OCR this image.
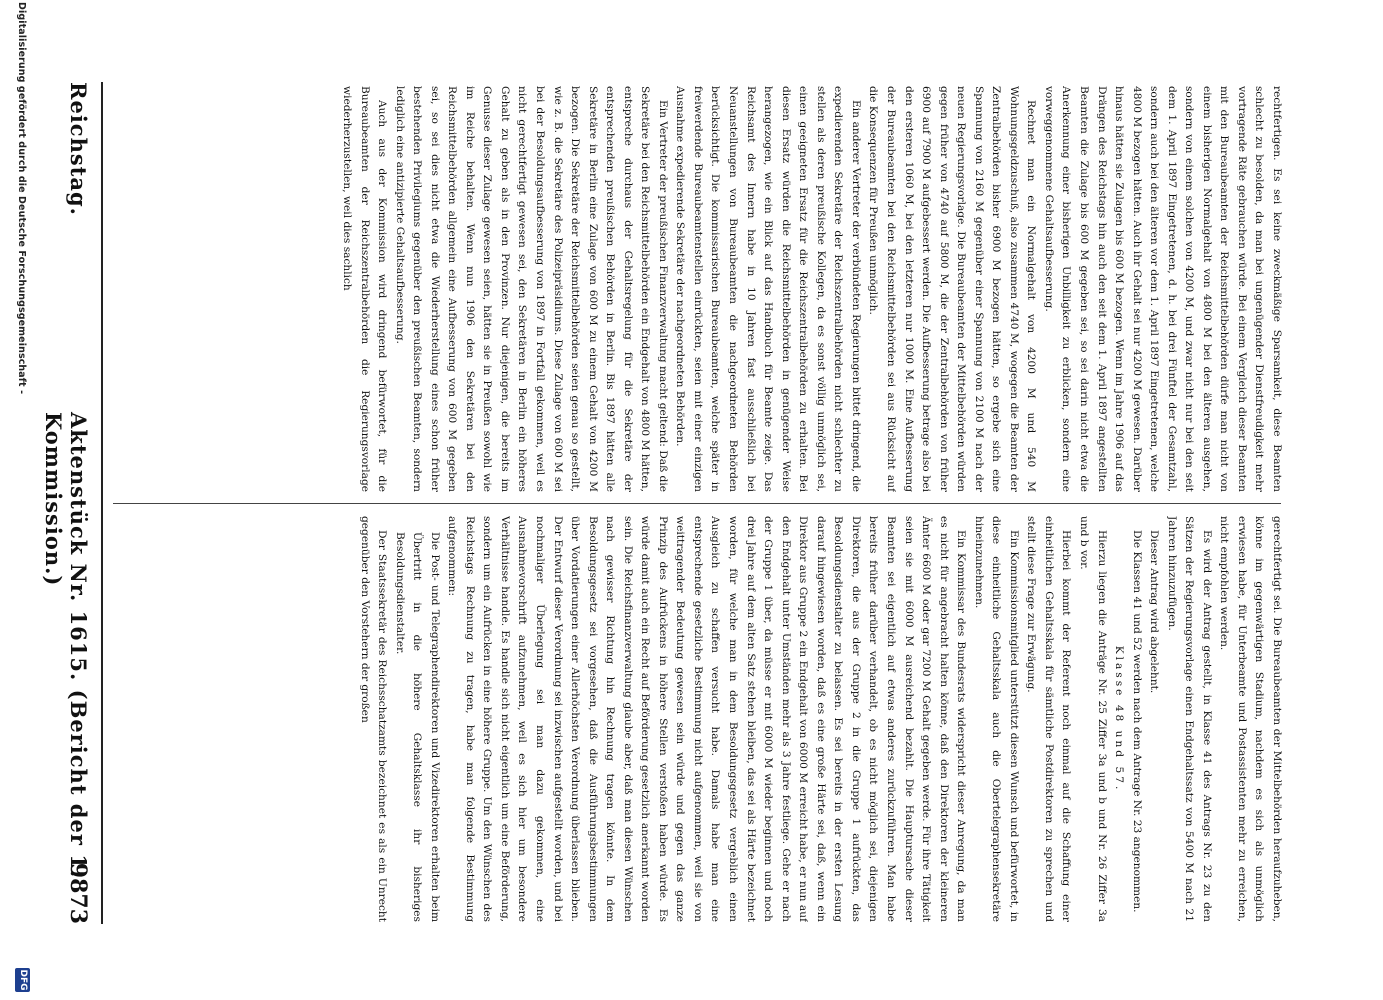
Reichstag.
Aktenstück Nr. 1615. (Bericht der 1. Kommission.)
9873

rechtfertigen. Es sei keine zweckmäßige Sparsamkeit, diese Beamten schlecht zu besolden, da man bei ungenügender Dienstfreudigkeit mehr vortragende Räte gebrauchen würde. Bei einem Vergleich dieser Beamten mit den Bureaubeamten der Reichsmittelbehörden dürfe man nicht von einem bisherigen Normalgehalt von 4800 M bei den älteren ausgehen, sondern von einem solchen von 4200 M, und zwar nicht nur bei den seit dem 1. April 1897 Eingetretenen, d. h. bei drei Fünftel der Gesamtzahl, sondern auch bei den älteren vor dem 1. April 1897 Eingetretenen, welche 4800 M bezogen hätten. Auch ihr Gehalt sei nur 4200 M gewesen. Darüber hinaus hätten sie Zulagen bis 600 M bezogen. Wenn im Jahre 1906 auf das Drängen des Reichstags hin auch den seit dem 1. April 1897 angestellten Beamten die Zulage bis 600 M gegeben sei, so sei darin nicht etwa die Anerkennung einer bisherigen Unbilligkeit zu erblicken, sondern eine vorweggenommene Gehaltsaufbesserung.

Rechnet man ein Normalgehalt von 4200 M und 540 M Wohnungsgeldzuschuß, also zusammen 4740 M, wogegen die Beamten der Zentralbehörden bisher 6900 M bezogen hätten, so ergebe sich eine Spannung von 2160 M gegenüber einer Spannung von 2100 M nach der neuen Regierungsvorlage. Die Bureaubeamten der Mittelbehörden würden gegen früher von 4740 auf 5800 M, die der Zentralbehörden von früher 6900 auf 7900 M aufgebessert werden. Die Aufbesserung betrage also bei den ersteren 1060 M, bei den letzteren nur 1000 M. Eine Aufbesserung der Bureaubeamten bei den Reichsmittelbehörden sei aus Rücksicht auf die Konsequenzen für Preußen unmöglich.

Ein anderer Vertreter der verbündeten Regierungen bittet dringend, die expedierenden Sekretäre der Reichszentralbehörden nicht schlechter zu stellen als deren preußische Kollegen, da es sonst völlig unmöglich sei, einen geeigneten Ersatz für die Reichszentralbehörden zu erhalten. Bei diesen Ersatz würden die Reichsmittelbehörden in genügender Weise herangezogen, wie ein Blick auf das Handbuch für Beamte zeige. Das Reichsamt des Innern habe in 10 Jahren fast ausschließlich bei Neuanstellungen von Bureaubeamten die nachgeordneten Behörden berücksichtigt. Die kommissarischen Bureaubeamten, welche später in freiwerdende Bureaubeamtenstellen einrückten, seien mit einer einzigen Ausnahme expedierende Sekretäre der nachgeordneten Behörden.

Ein Vertreter der preußischen Finanzverwaltung macht geltend: Daß die Sekretäre bei den Reichsmittelbehörden ein Endgehalt von 4800 M hätten, entspreche durchaus der Gehaltsregelung für die Sekretäre der entsprechenden preußischen Behörden in Berlin. Bis 1897 hätten alle Sekretäre in Berlin eine Zulage von 600 M zu einem Gehalt von 4200 M bezogen. Die Sekretäre der Reichsmittelbehörden seien genau so gestellt, wie z. B. die Sekretäre des Polizeipräsidiums. Diese Zulage von 600 M sei bei der Besoldungsaufbesserung von 1897 in Fortfall gekommen, weil es nicht gerechtfertigt gewesen sei, den Sekretären in Berlin ein höheres Gehalt zu geben als in den Provinzen. Nur diejenigen, die bereits im Genusse dieser Zulage gewesen seien, hätten sie in Preußen sowohl wie im Reiche behalten. Wenn nun 1906 den Sekretären bei den Reichsmittelbehörden allgemein eine Aufbesserung von 600 M gegeben sei, so sei dies nicht etwa die Wiederherstellung eines schon früher bestehenden Privilegiums gegenüber den preußischen Beamten, sondern lediglich eine antizipierte Gehaltsaufbesserung.

Auch aus der Kommission wird dringend befürwortet, für die Bureaubeamten der Reichszentralbehörden die Regierungsvorlage wiederherzustellen, weil dies sachlich

gerechtfertigt sei. Die Bureaubeamten der Mittelbehörden heraufzuheben, könne im gegenwärtigen Stadium, nachdem es sich als unmöglich erwiesen habe, für Unterbeamte und Postassistenten mehr zu erreichen, nicht empfohlen werden.

Es wird der Antrag gestellt, in Klasse 41 des Antrags Nr. 23 zu den Sätzen der Regierungsvorlage einen Endgehaltssatz von 5400 M nach 21 Jahren hinzuzufügen.

Dieser Antrag wird abgelehnt.

Die Klassen 41 und 52 werden nach dem Antrage Nr. 23 angenommen.

Klasse 48 und 57.

Hierzu liegen die Anträge Nr. 25 Ziffer 3a und b und Nr. 26 Ziffer 3a und b vor.

Hierbei kommt der Referent noch einmal auf die Schaffung einer einheitlichen Gehaltsskala für sämtliche Postdirektoren zu sprechen und stellt diese Frage zur Erwägung.

Ein Kommissionsmitglied unterstützt diesen Wunsch und befürwortet, in diese einheitliche Gehaltsskala auch die Obertelegraphensekretäre hineinzunehmen.

Ein Kommissar des Bundesrats widerspricht dieser Anregung, da man es nicht für angebracht halten könne, daß den Direktoren der kleineren Ämter 6600 M oder gar 7200 M Gehalt gegeben werde. Für ihre Tätigkeit seien sie mit 6000 M ausreichend bezahlt. Die Hauptursache dieser Beamten sei eigentlich auf etwas anderes zurückzuführen. Man habe bereits früher darüber verhandelt, ob es nicht möglich sei, diejenigen Direktoren, die aus der Gruppe 2 in die Gruppe 1 aufrückten, das Besoldungsdienstalter zu belassen. Es sei bereits in der ersten Lesung darauf hingewiesen worden, daß es eine große Härte sei, daß, wenn ein Direktor aus Gruppe 2 ein Endgehalt von 6000 M erreicht habe, er nun auf den Endgehalt unter Umständen mehr als 3 Jahre festliege. Gehe er nach der Gruppe 1 über, da müsse er mit 6000 M wieder beginnen und noch drei Jahre auf dem alten Satz stehen bleiben, das sei als Härte bezeichnet worden, für welche man in dem Besoldungsgesetz vergeblich einen Ausgleich zu schaffen versucht habe. Damals habe man eine entsprechende gesetzliche Bestimmung nicht aufgenommen, weil sie von weittragender Bedeutung gewesen sein würde und gegen das ganze Prinzip des Aufrückens in höhere Stellen verstoßen haben würde. Es würde damit auch ein Recht auf Beförderung gesetzlich anerkannt worden sein. Die Reichsfinanzverwaltung glaube aber, daß man diesen Wünschen nach gewisser Richtung hin Rechnung tragen könnte. In dem Besoldungsgesetz sei vorgesehen, daß die Ausführungsbestimmungen über Vordatierungen einer Allerhöchsten Verordnung überlassen blieben. Der Entwurf dieser Verordnung sei inzwischen aufgestellt worden, und bei nochmaliger Überlegung sei man dazu gekommen, eine Ausnahmevorschrift aufzunehmen, weil es sich hier um besondere Verhältnisse handle. Es handle sich nicht eigentlich um eine Beförderung, sondern um ein Aufrücken in eine höhere Gruppe. Um den Wünschen des Reichstags Rechnung zu tragen, habe man folgende Bestimmung aufgenommen:

Die Post- und Telegraphendirektoren und Vizedirektoren erhalten beim Übertritt in die höhere Gehaltsklasse ihr bisheriges Besoldungsdienstalter.

Der Staatssekretär des Reichsschatzamts bezeichnet es als ein Unrecht gegenüber den Vorstehern der großen

Digitalisierung gefördert durch die Deutsche Forschungsgemeinschaft -
DFG
